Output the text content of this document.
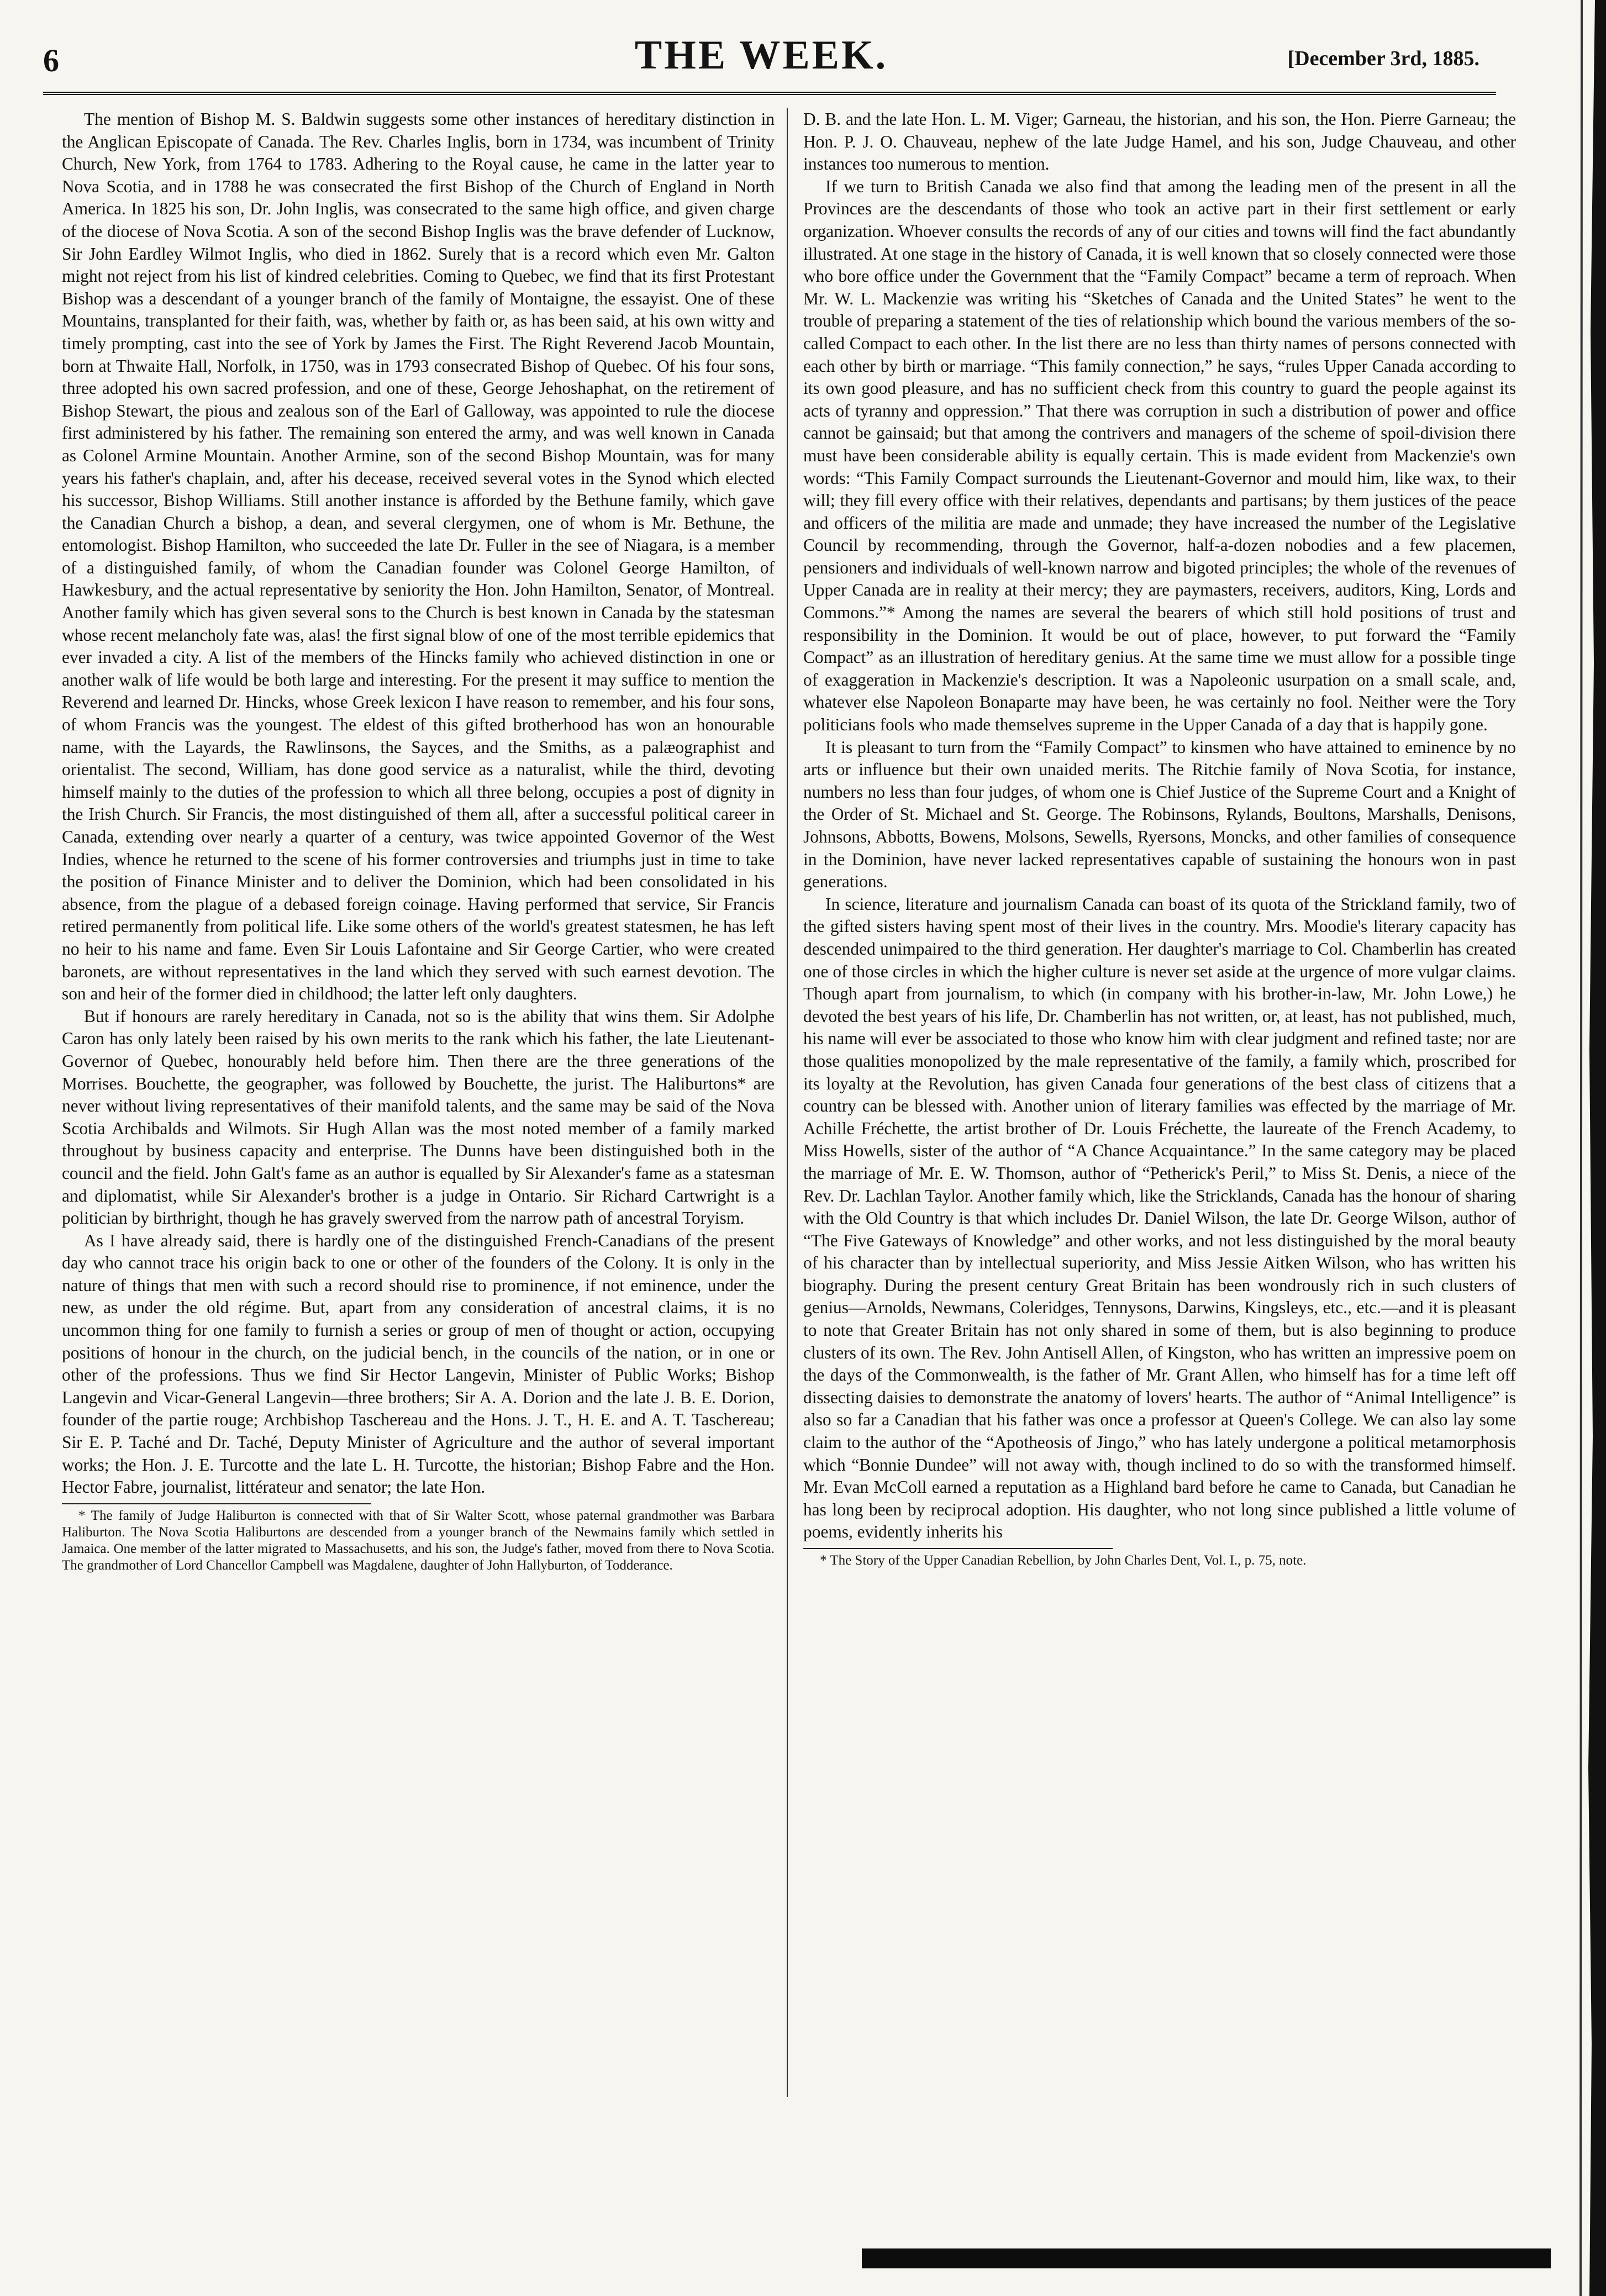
6	THE WEEK.	[December 3rd, 1885.

The mention of Bishop M. S. Baldwin suggests some other instances of hereditary distinction in the Anglican Episcopate of Canada. The Rev. Charles Inglis, born in 1734, was incumbent of Trinity Church, New York, from 1764 to 1783. Adhering to the Royal cause, he came in the latter year to Nova Scotia, and in 1788 he was consecrated the first Bishop of the Church of England in North America. In 1825 his son, Dr. John Inglis, was consecrated to the same high office, and given charge of the diocese of Nova Scotia. A son of the second Bishop Inglis was the brave defender of Lucknow, Sir John Eardley Wilmot Inglis, who died in 1862. Surely that is a record which even Mr. Galton might not reject from his list of kindred celebrities. Coming to Quebec, we find that its first Protestant Bishop was a descendant of a younger branch of the family of Montaigne, the essayist. One of these Mountains, transplanted for their faith, was, whether by faith or, as has been said, at his own witty and timely prompting, cast into the see of York by James the First. The Right Reverend Jacob Mountain, born at Thwaite Hall, Norfolk, in 1750, was in 1793 consecrated Bishop of Quebec. Of his four sons, three adopted his own sacred profession, and one of these, George Jehoshaphat, on the retirement of Bishop Stewart, the pious and zealous son of the Earl of Galloway, was appointed to rule the diocese first administered by his father. The remaining son entered the army, and was well known in Canada as Colonel Armine Mountain. Another Armine, son of the second Bishop Mountain, was for many years his father's chaplain, and, after his decease, received several votes in the Synod which elected his successor, Bishop Williams. Still another instance is afforded by the Bethune family, which gave the Canadian Church a bishop, a dean, and several clergymen, one of whom is Mr. Bethune, the entomologist. Bishop Hamilton, who succeeded the late Dr. Fuller in the see of Niagara, is a member of a distinguished family, of whom the Canadian founder was Colonel George Hamilton, of Hawkesbury, and the actual representative by seniority the Hon. John Hamilton, Senator, of Montreal. Another family which has given several sons to the Church is best known in Canada by the statesman whose recent melancholy fate was, alas! the first signal blow of one of the most terrible epidemics that ever invaded a city. A list of the members of the Hincks family who achieved distinction in one or another walk of life would be both large and interesting. For the present it may suffice to mention the Reverend and learned Dr. Hincks, whose Greek lexicon I have reason to remember, and his four sons, of whom Francis was the youngest. The eldest of this gifted brotherhood has won an honourable name, with the Layards, the Rawlinsons, the Sayces, and the Smiths, as a palæographist and orientalist. The second, William, has done good service as a naturalist, while the third, devoting himself mainly to the duties of the profession to which all three belong, occupies a post of dignity in the Irish Church. Sir Francis, the most distinguished of them all, after a successful political career in Canada, extending over nearly a quarter of a century, was twice appointed Governor of the West Indies, whence he returned to the scene of his former controversies and triumphs just in time to take the position of Finance Minister and to deliver the Dominion, which had been consolidated in his absence, from the plague of a debased foreign coinage. Having performed that service, Sir Francis retired permanently from political life. Like some others of the world's greatest statesmen, he has left no heir to his name and fame. Even Sir Louis Lafontaine and Sir George Cartier, who were created baronets, are without representatives in the land which they served with such earnest devotion. The son and heir of the former died in childhood; the latter left only daughters.

But if honours are rarely hereditary in Canada, not so is the ability that wins them. Sir Adolphe Caron has only lately been raised by his own merits to the rank which his father, the late Lieutenant-Governor of Quebec, honourably held before him. Then there are the three generations of the Morrises. Bouchette, the geographer, was followed by Bouchette, the jurist. The Haliburtons* are never without living representatives of their manifold talents, and the same may be said of the Nova Scotia Archibalds and Wilmots. Sir Hugh Allan was the most noted member of a family marked throughout by business capacity and enterprise. The Dunns have been distinguished both in the council and the field. John Galt's fame as an author is equalled by Sir Alexander's fame as a statesman and diplomatist, while Sir Alexander's brother is a judge in Ontario. Sir Richard Cartwright is a politician by birthright, though he has gravely swerved from the narrow path of ancestral Toryism.

As I have already said, there is hardly one of the distinguished French-Canadians of the present day who cannot trace his origin back to one or other of the founders of the Colony. It is only in the nature of things that men with such a record should rise to prominence, if not eminence, under the new, as under the old régime. But, apart from any consideration of ancestral claims, it is no uncommon thing for one family to furnish a series or group of men of thought or action, occupying positions of honour in the church, on the judicial bench, in the councils of the nation, or in one or other of the professions. Thus we find Sir Hector Langevin, Minister of Public Works; Bishop Langevin and Vicar-General Langevin—three brothers; Sir A. A. Dorion and the late J. B. E. Dorion, founder of the partie rouge; Archbishop Taschereau and the Hons. J. T., H. E. and A. T. Taschereau; Sir E. P. Taché and Dr. Taché, Deputy Minister of Agriculture and the author of several important works; the Hon. J. E. Turcotte and the late L. H. Turcotte, the historian; Bishop Fabre and the Hon. Hector Fabre, journalist, littérateur and senator; the late Hon.

* The family of Judge Haliburton is connected with that of Sir Walter Scott, whose paternal grandmother was Barbara Haliburton. The Nova Scotia Haliburtons are descended from a younger branch of the Newmains family which settled in Jamaica. One member of the latter migrated to Massachusetts, and his son, the Judge's father, moved from there to Nova Scotia. The grandmother of Lord Chancellor Campbell was Magdalene, daughter of John Hallyburton, of Todderance.

D. B. and the late Hon. L. M. Viger; Garneau, the historian, and his son, the Hon. Pierre Garneau; the Hon. P. J. O. Chauveau, nephew of the late Judge Hamel, and his son, Judge Chauveau, and other instances too numerous to mention.

If we turn to British Canada we also find that among the leading men of the present in all the Provinces are the descendants of those who took an active part in their first settlement or early organization. Whoever consults the records of any of our cities and towns will find the fact abundantly illustrated. At one stage in the history of Canada, it is well known that so closely connected were those who bore office under the Government that the “Family Compact” became a term of reproach. When Mr. W. L. Mackenzie was writing his “Sketches of Canada and the United States” he went to the trouble of preparing a statement of the ties of relationship which bound the various members of the so-called Compact to each other. In the list there are no less than thirty names of persons connected with each other by birth or marriage. “This family connection,” he says, “rules Upper Canada according to its own good pleasure, and has no sufficient check from this country to guard the people against its acts of tyranny and oppression.” That there was corruption in such a distribution of power and office cannot be gainsaid; but that among the contrivers and managers of the scheme of spoil-division there must have been considerable ability is equally certain. This is made evident from Mackenzie's own words: “This Family Compact surrounds the Lieutenant-Governor and mould him, like wax, to their will; they fill every office with their relatives, dependants and partisans; by them justices of the peace and officers of the militia are made and unmade; they have increased the number of the Legislative Council by recommending, through the Governor, half-a-dozen nobodies and a few placemen, pensioners and individuals of well-known narrow and bigoted principles; the whole of the revenues of Upper Canada are in reality at their mercy; they are paymasters, receivers, auditors, King, Lords and Commons.”* Among the names are several the bearers of which still hold positions of trust and responsibility in the Dominion. It would be out of place, however, to put forward the “Family Compact” as an illustration of hereditary genius. At the same time we must allow for a possible tinge of exaggeration in Mackenzie's description. It was a Napoleonic usurpation on a small scale, and, whatever else Napoleon Bonaparte may have been, he was certainly no fool. Neither were the Tory politicians fools who made themselves supreme in the Upper Canada of a day that is happily gone.

It is pleasant to turn from the “Family Compact” to kinsmen who have attained to eminence by no arts or influence but their own unaided merits. The Ritchie family of Nova Scotia, for instance, numbers no less than four judges, of whom one is Chief Justice of the Supreme Court and a Knight of the Order of St. Michael and St. George. The Robinsons, Rylands, Boultons, Marshalls, Denisons, Johnsons, Abbotts, Bowens, Molsons, Sewells, Ryersons, Moncks, and other families of consequence in the Dominion, have never lacked representatives capable of sustaining the honours won in past generations.

In science, literature and journalism Canada can boast of its quota of the Strickland family, two of the gifted sisters having spent most of their lives in the country. Mrs. Moodie's literary capacity has descended unimpaired to the third generation. Her daughter's marriage to Col. Chamberlin has created one of those circles in which the higher culture is never set aside at the urgence of more vulgar claims. Though apart from journalism, to which (in company with his brother-in-law, Mr. John Lowe,) he devoted the best years of his life, Dr. Chamberlin has not written, or, at least, has not published, much, his name will ever be associated to those who know him with clear judgment and refined taste; nor are those qualities monopolized by the male representative of the family, a family which, proscribed for its loyalty at the Revolution, has given Canada four generations of the best class of citizens that a country can be blessed with. Another union of literary families was effected by the marriage of Mr. Achille Fréchette, the artist brother of Dr. Louis Fréchette, the laureate of the French Academy, to Miss Howells, sister of the author of “A Chance Acquaintance.” In the same category may be placed the marriage of Mr. E. W. Thomson, author of “Petherick's Peril,” to Miss St. Denis, a niece of the Rev. Dr. Lachlan Taylor. Another family which, like the Stricklands, Canada has the honour of sharing with the Old Country is that which includes Dr. Daniel Wilson, the late Dr. George Wilson, author of “The Five Gateways of Knowledge” and other works, and not less distinguished by the moral beauty of his character than by intellectual superiority, and Miss Jessie Aitken Wilson, who has written his biography. During the present century Great Britain has been wondrously rich in such clusters of genius—Arnolds, Newmans, Coleridges, Tennysons, Darwins, Kingsleys, etc., etc.—and it is pleasant to note that Greater Britain has not only shared in some of them, but is also beginning to produce clusters of its own. The Rev. John Antisell Allen, of Kingston, who has written an impressive poem on the days of the Commonwealth, is the father of Mr. Grant Allen, who himself has for a time left off dissecting daisies to demonstrate the anatomy of lovers' hearts. The author of “Animal Intelligence” is also so far a Canadian that his father was once a professor at Queen's College. We can also lay some claim to the author of the “Apotheosis of Jingo,” who has lately undergone a political metamorphosis which “Bonnie Dundee” will not away with, though inclined to do so with the transformed himself. Mr. Evan McColl earned a reputation as a Highland bard before he came to Canada, but Canadian he has long been by reciprocal adoption. His daughter, who not long since published a little volume of poems, evidently inherits his

* The Story of the Upper Canadian Rebellion, by John Charles Dent, Vol. I., p. 75, note.
